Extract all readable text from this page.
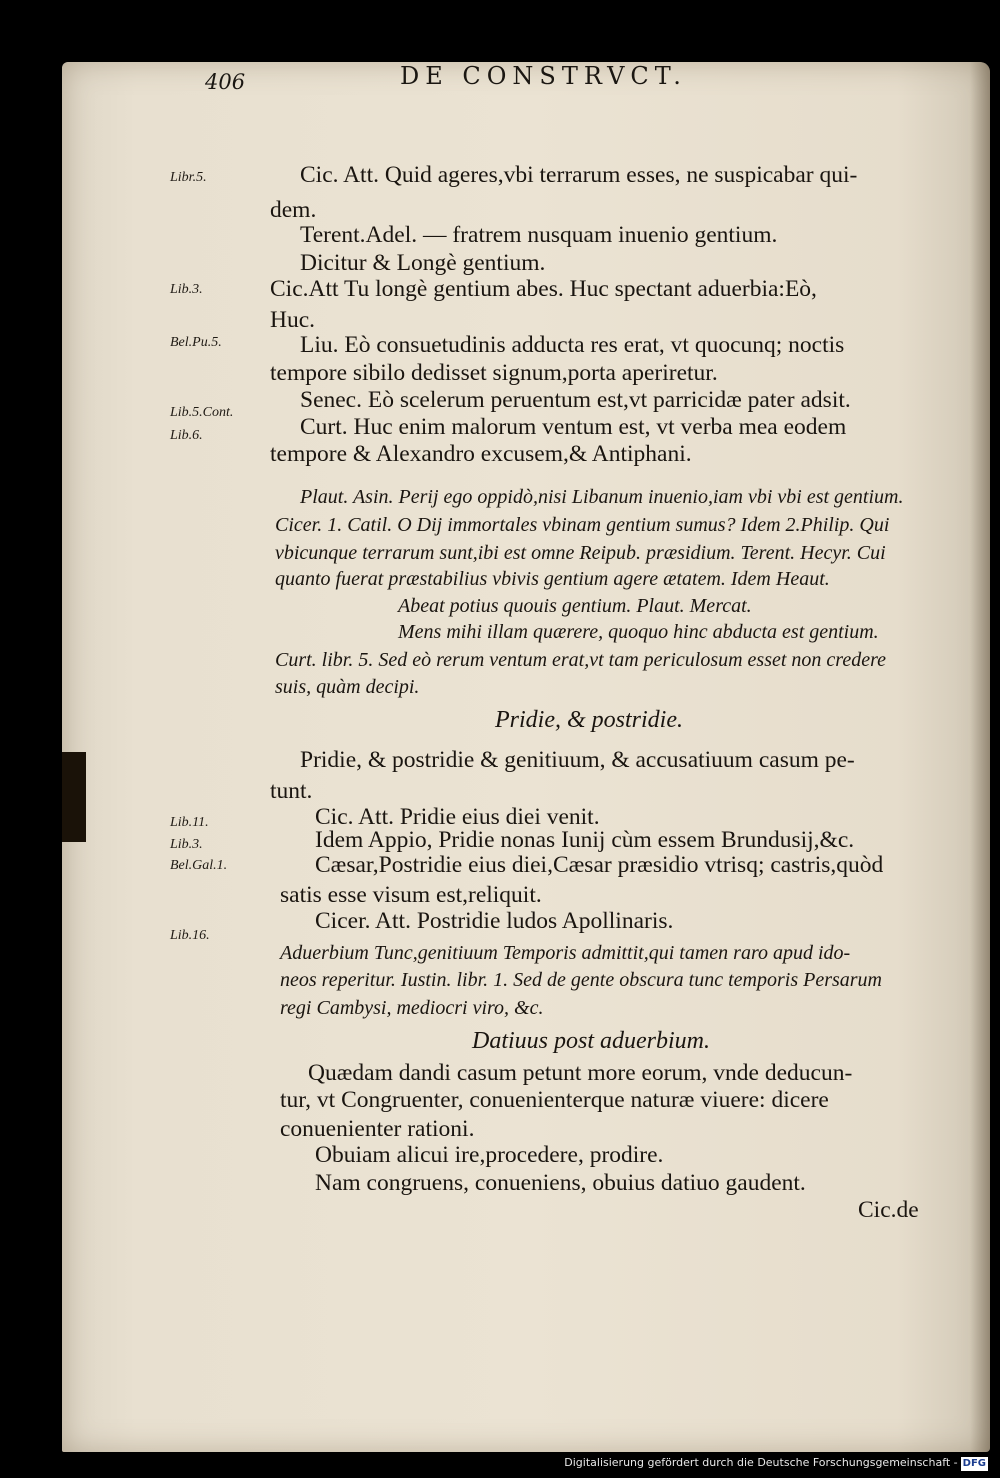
406	DE CONSTRVCT.
Libr.5.
Lib.3.
Bel.Pu.5.
Lib.5.Cont.
Lib.6.
Lib.11.
Lib.3.
Bel.Gal.1.
Lib.16.
Cic. Att. Quid ageres,vbi terrarum esses, ne suspicabar qui-
dem.
Terent.Adel. — fratrem nusquam inuenio gentium.
Dicitur & Longè gentium.
Cic.Att Tu longè gentium abes. Huc spectant aduerbia:Eò,
Huc.
Liu. Eò consuetudinis adducta res erat, vt quocunq; noctis
tempore sibilo dedisset signum,porta aperiretur.
Senec. Eò scelerum peruentum est,vt parricidæ pater adsit.
Curt. Huc enim malorum ventum est, vt verba mea eodem
tempore & Alexandro excusem,& Antiphani.
Plaut. Asin. Perij ego oppidò,nisi Libanum inuenio,iam vbi vbi est gentium.
Cicer. 1. Catil. O Dij immortales vbinam gentium sumus? Idem 2.Philip. Qui
vbicunque terrarum sunt,ibi est omne Reipub. præsidium. Terent. Hecyr. Cui
quanto fuerat præstabilius vbivis gentium agere ætatem. Idem Heaut.
Abeat potius quouis gentium. Plaut. Mercat.
Mens mihi illam quærere, quoquo hinc abducta est gentium.
Curt. libr. 5. Sed eò rerum ventum erat,vt tam periculosum esset non credere
suis, quàm decipi.
Pridie, & postridie.
Pridie, & postridie & genitiuum, & accusatiuum casum pe-
tunt.
Cic. Att. Pridie eius diei venit.
Idem Appio, Pridie nonas Iunij cùm essem Brundusij,&c.
Cæsar,Postridie eius diei,Cæsar præsidio vtrisq; castris,quòd
satis esse visum est,reliquit.
Cicer. Att. Postridie ludos Apollinaris.
Aduerbium Tunc,genitiuum Temporis admittit,qui tamen raro apud ido-
neos reperitur. Iustin. libr. 1. Sed de gente obscura tunc temporis Persarum
regi Cambysi, mediocri viro, &c.
Datiuus post aduerbium.
Quædam dandi casum petunt more eorum, vnde deducun-
tur, vt Congruenter, conuenienterque naturæ viuere: dicere
conuenienter rationi.
Obuiam alicui ire,procedere, prodire.
Nam congruens, conueniens, obuius datiuo gaudent.
Cic.de
Digitalisierung gefördert durch die Deutsche Forschungsgemeinschaft - DFG
